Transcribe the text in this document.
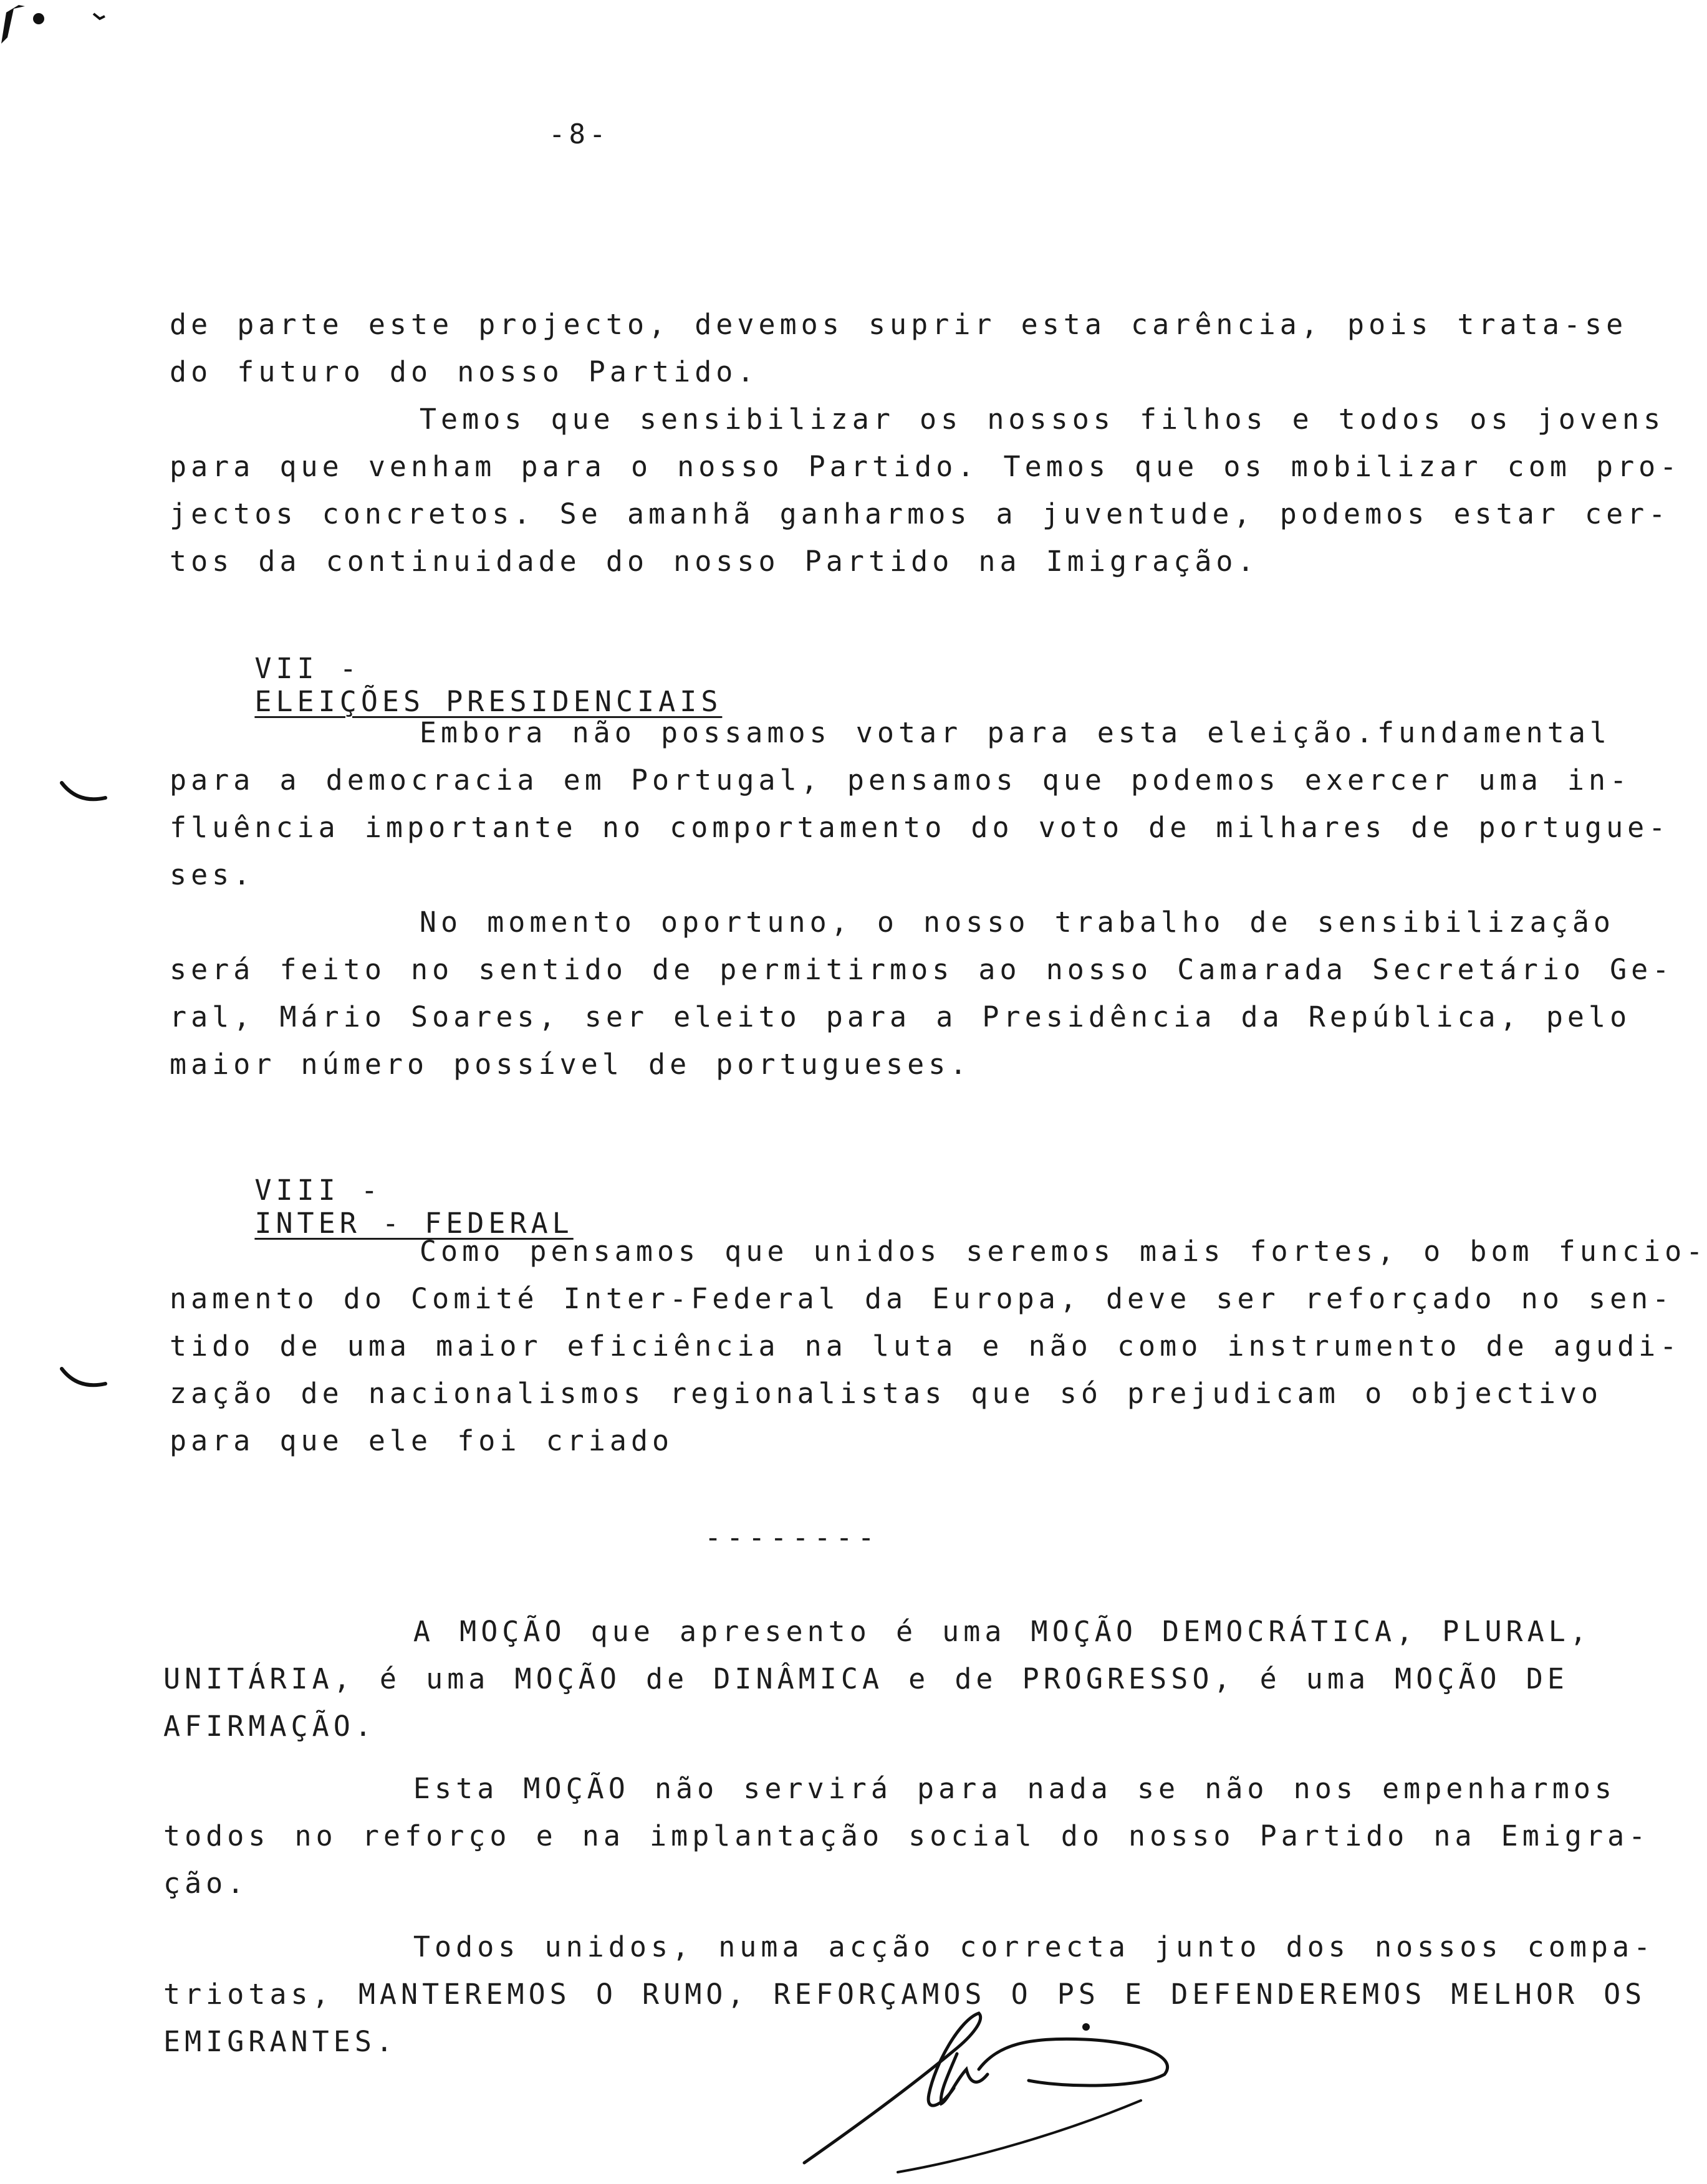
-8-
de parte este projecto, devemos suprir esta carência, pois trata-se
do futuro do nosso Partido.
Temos que sensibilizar os nossos filhos e todos os jovens
para que venham para o nosso Partido. Temos que os mobilizar com pro-
jectos concretos. Se amanhã ganharmos a juventude, podemos estar cer-
tos da continuidade do nosso Partido na Imigração.

VII -
ELEIÇÕES PRESIDENCIAIS

Embora não possamos votar para esta eleição.fundamental
para a democracia em Portugal, pensamos que podemos exercer uma in-
fluência importante no comportamento do voto de milhares de portugue-
ses.
No momento oportuno, o nosso trabalho de sensibilização
será feito no sentido de permitirmos ao nosso Camarada Secretário Ge-
ral, Mário Soares, ser eleito para a Presidência da República, pelo
maior número possível de portugueses.

VIII -
INTER - FEDERAL

Como pensamos que unidos seremos mais fortes, o bom funcio-
namento do Comité Inter-Federal da Europa, deve ser reforçado no sen-
tido de uma maior eficiência na luta e não como instrumento de agudi-
zação de nacionalismos regionalistas que só prejudicam o objectivo
para que ele foi criado
--------
A MOÇÃO que apresento é uma MOÇÃO DEMOCRÁTICA, PLURAL,
UNITÁRIA, é uma MOÇÃO de DINÂMICA e de PROGRESSO, é uma MOÇÃO DE
AFIRMAÇÃO.
Esta MOÇÃO não servirá para nada se não nos empenharmos
todos no reforço e na implantação social do nosso Partido na Emigra-
ção.
Todos unidos, numa acção correcta junto dos nossos compa-
triotas, MANTEREMOS O RUMO, REFORÇAMOS O PS E DEFENDEREMOS MELHOR OS
EMIGRANTES.
